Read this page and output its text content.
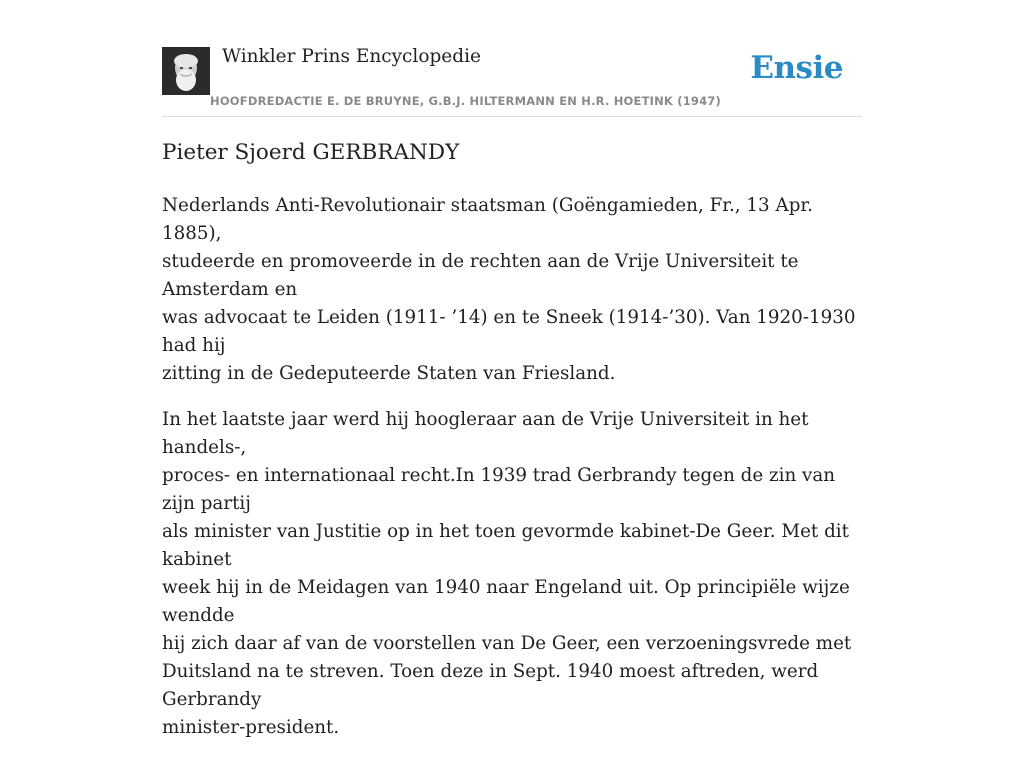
Winkler Prins Encyclopedie
HOOFDREDACTIE E. DE BRUYNE, G.B.J. HILTERMANN EN H.R. HOETINK (1947)
Ensie
Pieter Sjoerd GERBRANDY

Nederlands Anti-Revolutionair staatsman (Goëngamieden, Fr., 13 Apr. 1885),
studeerde en promoveerde in de rechten aan de Vrije Universiteit te Amsterdam en
was advocaat te Leiden (1911- ’14) en te Sneek (1914-’30). Van 1920-1930 had hij
zitting in de Gedeputeerde Staten van Friesland.

In het laatste jaar werd hij hoogleraar aan de Vrije Universiteit in het handels-,
proces- en internationaal recht.In 1939 trad Gerbrandy tegen de zin van zijn partij
als minister van Justitie op in het toen gevormde kabinet-De Geer. Met dit kabinet
week hij in de Meidagen van 1940 naar Engeland uit. Op principiële wijze wendde
hij zich daar af van de voorstellen van De Geer, een verzoeningsvrede met
Duitsland na te streven. Toen deze in Sept. 1940 moest aftreden, werd Gerbrandy
minister-president.
